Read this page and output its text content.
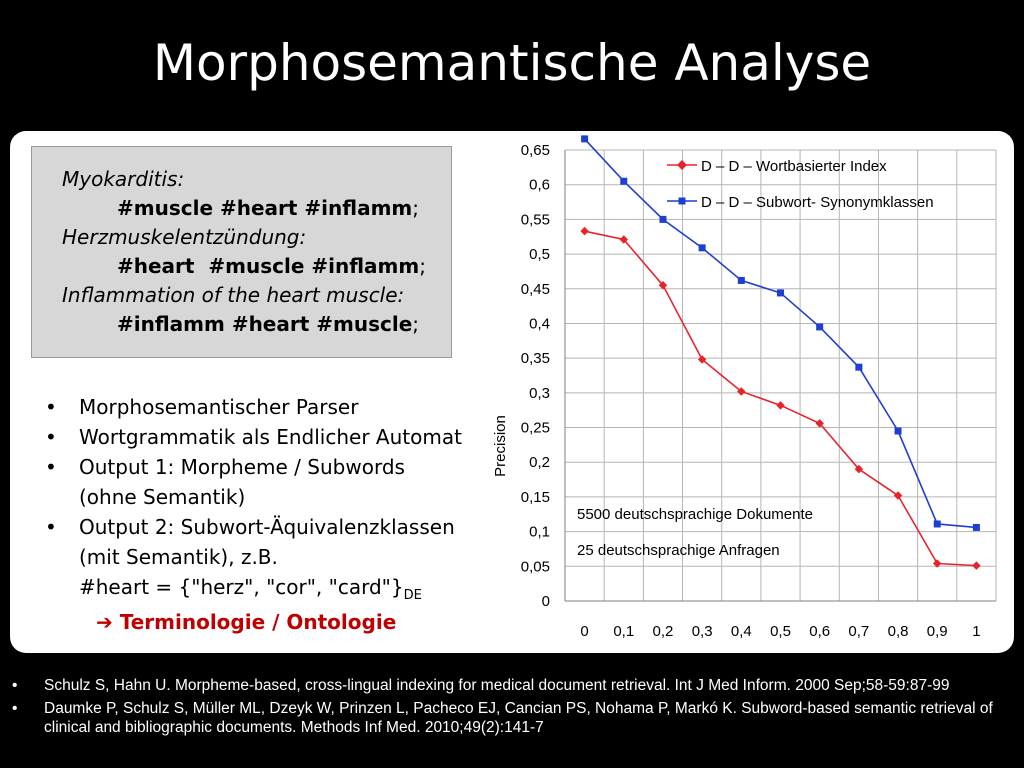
Morphosemantische Analyse
Myokarditis:
#muscle #heart #inflamm;
Herzmuskelentzündung:
#heart  #muscle #inflamm;
Inflammation of the heart muscle:
#inflamm #heart #muscle;
• Morphosemantischer Parser
• Wortgrammatik als Endlicher Automat
• Output 1: Morpheme / Subwords
(ohne Semantik)
• Output 2: Subwort-Äquivalenzklassen
(mit Semantik), z.B.
#heart = {"herz", "cor", "$card"\}_{DE}$
➔ Terminologie / Ontologie
0
0,05
0,1
0,15
0,2
0,25
0,3
0,35
0,4
0,45
0,5
0,55
0,6
0,65
0 0,1 0,2 0,3 0,4 0,5 0,6 0,7 0,8 0,9 1
Precision
D – D – Wortbasierter Index
D – D – Subwort- Synonymklassen
5500 deutschsprachige Dokumente
25 deutschsprachige Anfragen
• Schulz S, Hahn U. Morpheme-based, cross-lingual indexing for medical document retrieval. Int J Med Inform. 2000 Sep;58-59:87-99
• Daumke P, Schulz S, Müller ML, Dzeyk W, Prinzen L, Pacheco EJ, Cancian PS, Nohama P, Markó K. Subword-based semantic retrieval of clinical and bibliographic documents. Methods Inf Med. 2010;49(2):141-7
